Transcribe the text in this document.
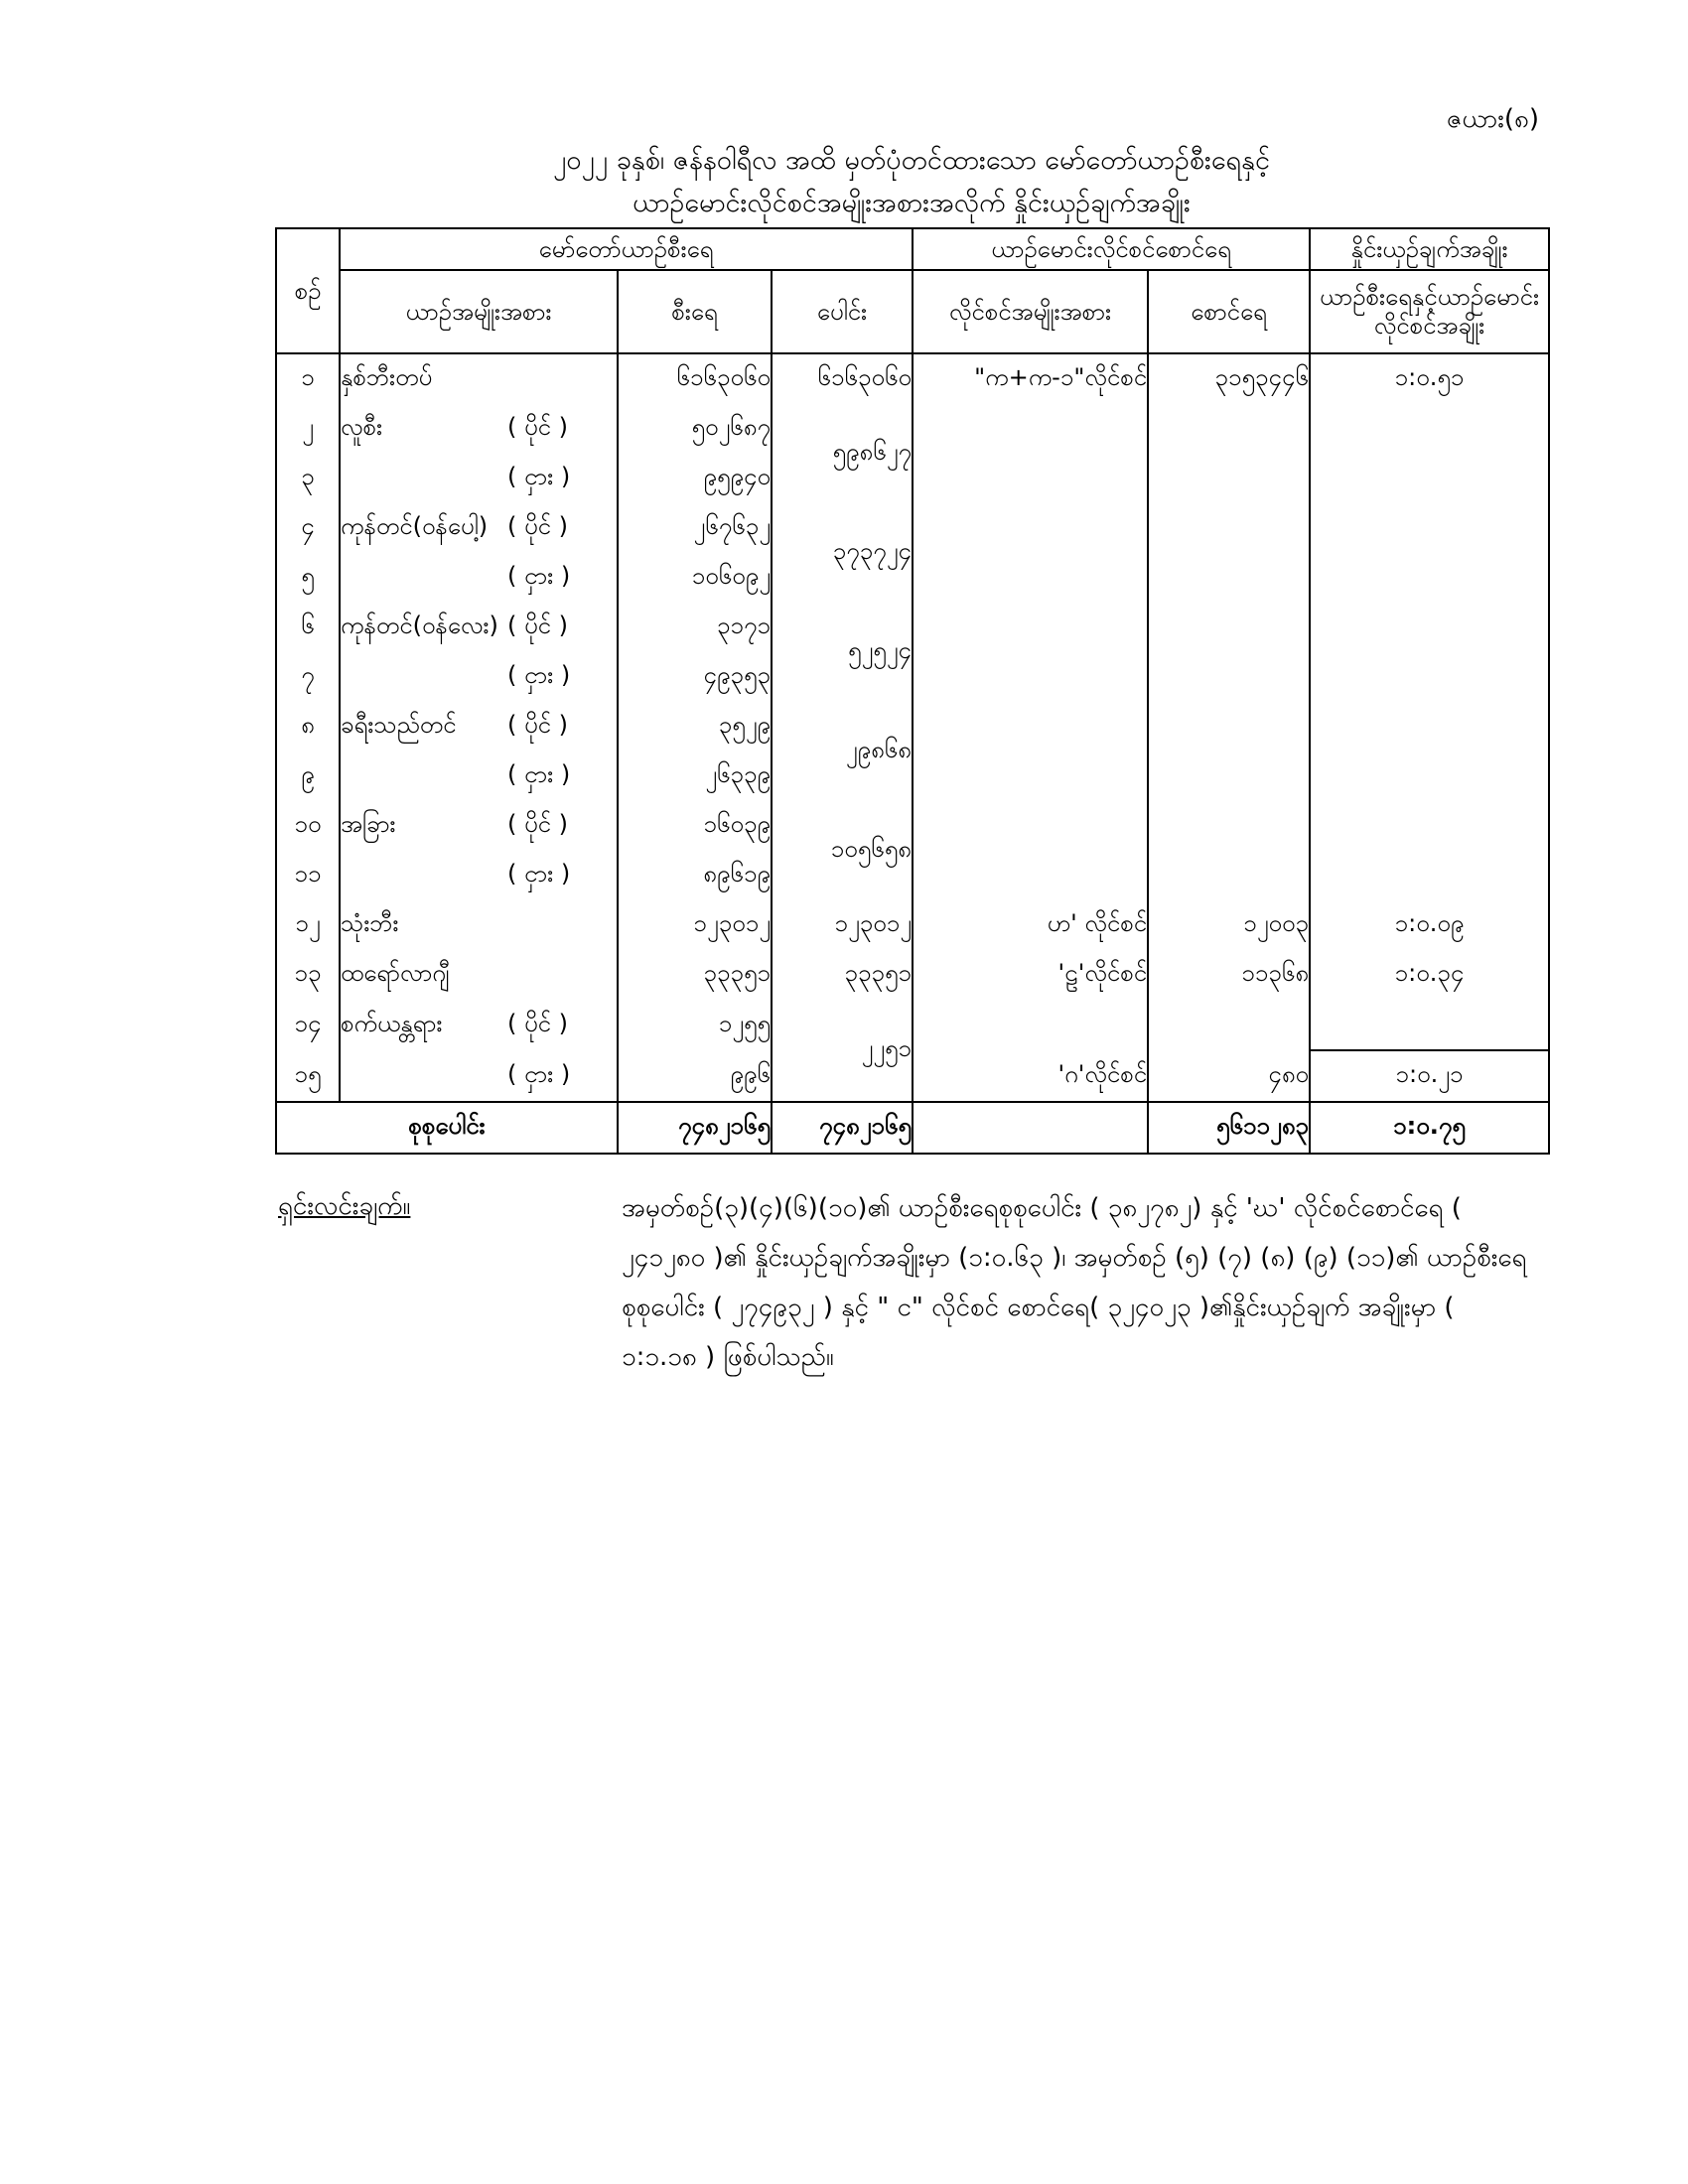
ဇယား(၈)
၂၀၂၂ ခုနှစ်၊ ဇန်နဝါရီလ အထိ မှတ်ပုံတင်ထားသော မော်တော်ယာဉ်စီးရေနှင့်
ယာဉ်မောင်းလိုင်စင်အမျိုးအစားအလိုက် နှိုင်းယှဉ်ချက်အချိုး
စဉ်	မော်တော်ယာဉ်စီးရေ			ယာဉ်မောင်းလိုင်စင်စောင်ရေ		နှိုင်းယှဉ်ချက်အချိုး
	ယာဉ်အမျိုးအစား	စီးရေ	ပေါင်း	လိုင်စင်အမျိုးအစား	စောင်ရေ	ယာဉ်စီးရေနှင့်ယာဉ်မောင်းလိုင်စင်အချိုး
၁	နှစ်ဘီးတပ်	၆၁၆၃၀၆၀	၆၁၆၃၀၆၀	"က+က-၁"လိုင်စင်	၃၁၅၃၄၄၆	၁:၀.၅၁
၂	လူစီး ( ပိုင် )	၅၀၂၆၈၇	၅၉၈၆၂၇	

၃	( ငှား )	၉၅၉၄၀				
၄	ကုန်တင်(ဝန်ပေါ့) ( ပိုင် )	၂၆၇၆၃၂	၃၇၃၇၂၄			
၅	( ငှား )	၁၀၆၀၉၂				
၆	ကုန်တင်(ဝန်လေး) ( ပိုင် )	၃၁၇၁	၅၂၅၂၄			
၇	( ငှား )	၄၉၃၅၃				
၈	ခရီးသည်တင် ( ပိုင် )	၃၅၂၉	၂၉၈၆၈			
၉	( ငှား )	၂၆၃၃၉				
၁၀	အခြား ( ပိုင် )	၁၆၀၃၉	၁၀၅၆၅၈			
၁၁	( ငှား )	၈၉၆၁၉				
၁၂	သုံးဘီး	၁၂၃၀၁၂	၁၂၃၀၁၂	ဟ' လိုင်စင်	၁၂၀၀၃	၁:၀.၀၉
၁၃	ထရော်လာဂျီ	၃၃၃၅၁	၃၃၃၅၁	'ဠ'လိုင်စင်	၁၁၃၆၈	၁:၀.၃၄
၁၄	စက်ယန္တရား ( ပိုင် )	၁၂၅၅	၂၂၅၁			
၁၅	( ငှား )	၉၉၆		'ဂ'လိုင်စင်	၄၈၀	၁:၀.၂၁
စုစုပေါင်း		၇၄၈၂၁၆၅	၇၄၈၂၁၆၅		၅၆၁၁၂၈၃	၁:၀.၇၅
ရှင်းလင်းချက်။	အမှတ်စဉ်(၃)(၄)(၆)(၁၀)၏ ယာဉ်စီးရေစုစုပေါင်း ( ၃၈၂၇၈၂) နှင့် 'ဃ' လိုင်စင်စောင်ရေ ( ၂၄၁၂၈၀ )၏ နှိုင်းယှဉ်ချက်အချိုးမှာ (၁:၀.၆၃ )၊ အမှတ်စဉ် (၅) (၇) (၈) (၉) (၁၁)၏ ယာဉ်စီးရေစုစုပေါင်း ( ၂၇၄၉၃၂ ) နှင့် " င" လိုင်စင် စောင်ရေ( ၃၂၄၀၂၃ )၏နှိုင်းယှဉ်ချက် အချိုးမှာ ( ၁:၁.၁၈ ) ဖြစ်ပါသည်။
